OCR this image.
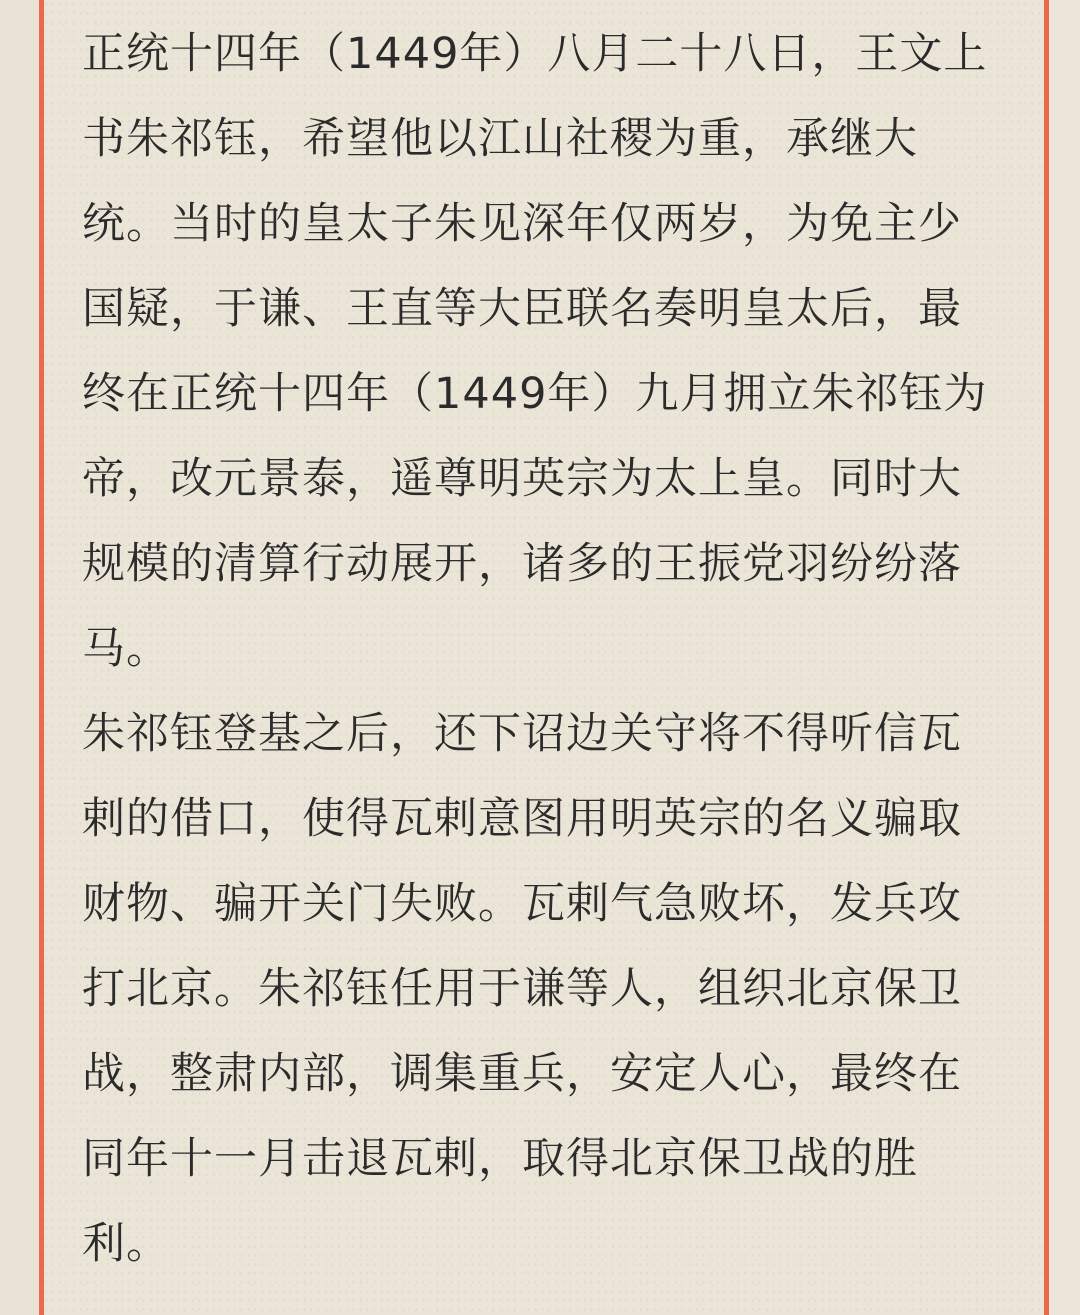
正统十四年（1449年）八月二十八日，王文上
书朱祁钰，希望他以江山社稷为重，承继大
统。当时的皇太子朱见深年仅两岁，为免主少
国疑，于谦、王直等大臣联名奏明皇太后，最
终在正统十四年（1449年）九月拥立朱祁钰为
帝，改元景泰，遥尊明英宗为太上皇。同时大
规模的清算行动展开，诸多的王振党羽纷纷落
马。

朱祁钰登基之后，还下诏边关守将不得听信瓦
剌的借口，使得瓦剌意图用明英宗的名义骗取
财物、骗开关门失败。瓦剌气急败坏，发兵攻
打北京。朱祁钰任用于谦等人，组织北京保卫
战，整肃内部，调集重兵，安定人心，最终在
同年十一月击退瓦剌，取得北京保卫战的胜
利。
